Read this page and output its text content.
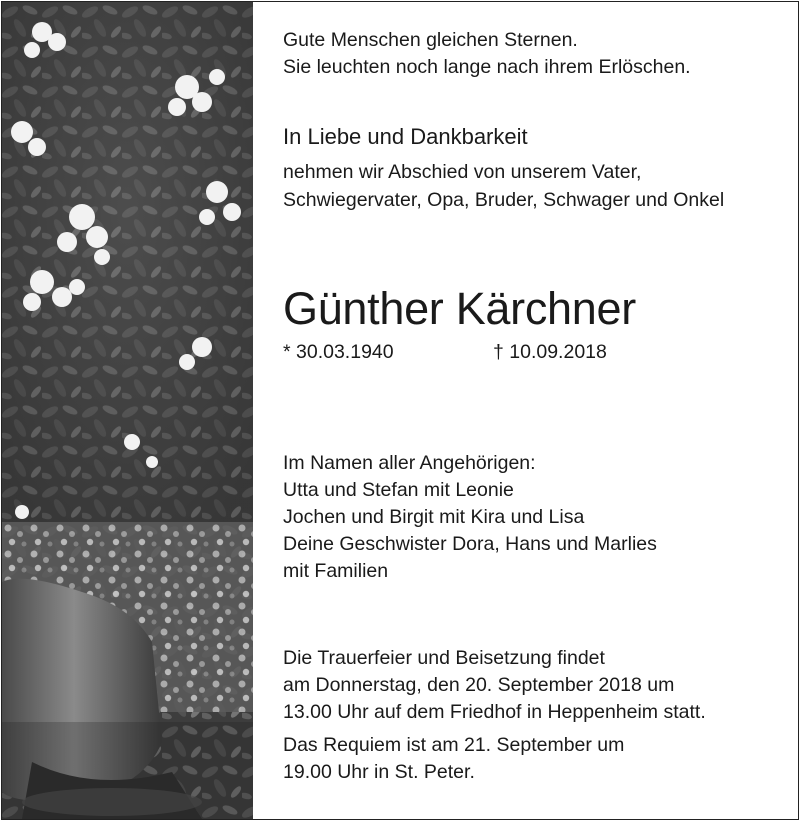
Gute Menschen gleichen Sternen.
Sie leuchten noch lange nach ihrem Erlöschen.
In Liebe und Dankbarkeit
nehmen wir Abschied von unserem Vater,
Schwiegervater, Opa, Bruder, Schwager und Onkel
Günther Kärchner
* 30.03.1940	† 10.09.2018
Im Namen aller Angehörigen:
Utta und Stefan mit Leonie
Jochen und Birgit mit Kira und Lisa
Deine Geschwister Dora, Hans und Marlies
mit Familien
Die Trauerfeier und Beisetzung findet
am Donnerstag, den 20. September 2018 um
13.00 Uhr auf dem Friedhof in Heppenheim statt.
Das Requiem ist am 21. September um
19.00 Uhr in St. Peter.
